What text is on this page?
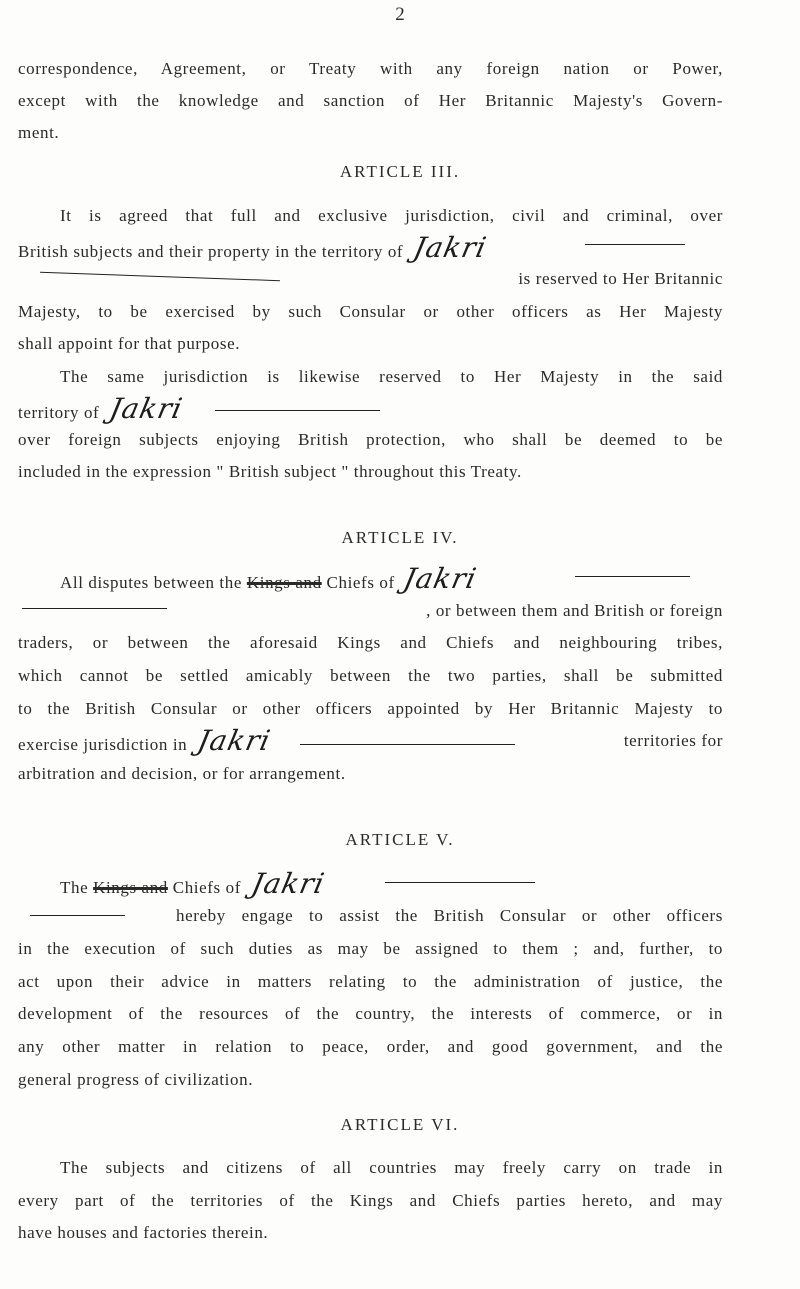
2
correspondence, Agreement, or Treaty with any foreign nation or Power,
except with the knowledge and sanction of Her Britannic Majesty's Govern-
ment.
ARTICLE III.
It is agreed that full and exclusive jurisdiction, civil and criminal, over
British subjects and their property in the territory of Jakri
is reserved to Her Britannic
Majesty, to be exercised by such Consular or other officers as Her Majesty
shall appoint for that purpose.
The same jurisdiction is likewise reserved to Her Majesty in the said
territory of Jakri
over foreign subjects enjoying British protection, who shall be deemed to be
included in the expression " British subject " throughout this Treaty.
ARTICLE IV.
All disputes between the Kings and Chiefs of Jakri
, or between them and British or foreign
traders, or between the aforesaid Kings and Chiefs and neighbouring tribes,
which cannot be settled amicably between the two parties, shall be submitted
to the British Consular or other officers appointed by Her Britannic Majesty to
exercise jurisdiction in Jakri	territories for
arbitration and decision, or for arrangement.
ARTICLE V.
The Kings and Chiefs of Jakri
hereby engage to assist the British Consular or other officers
in the execution of such duties as may be assigned to them ; and, further, to
act upon their advice in matters relating to the administration of justice, the
development of the resources of the country, the interests of commerce, or in
any other matter in relation to peace, order, and good government, and the
general progress of civilization.
ARTICLE VI.
The subjects and citizens of all countries may freely carry on trade in
every part of the territories of the Kings and Chiefs parties hereto, and may
have houses and factories therein.
